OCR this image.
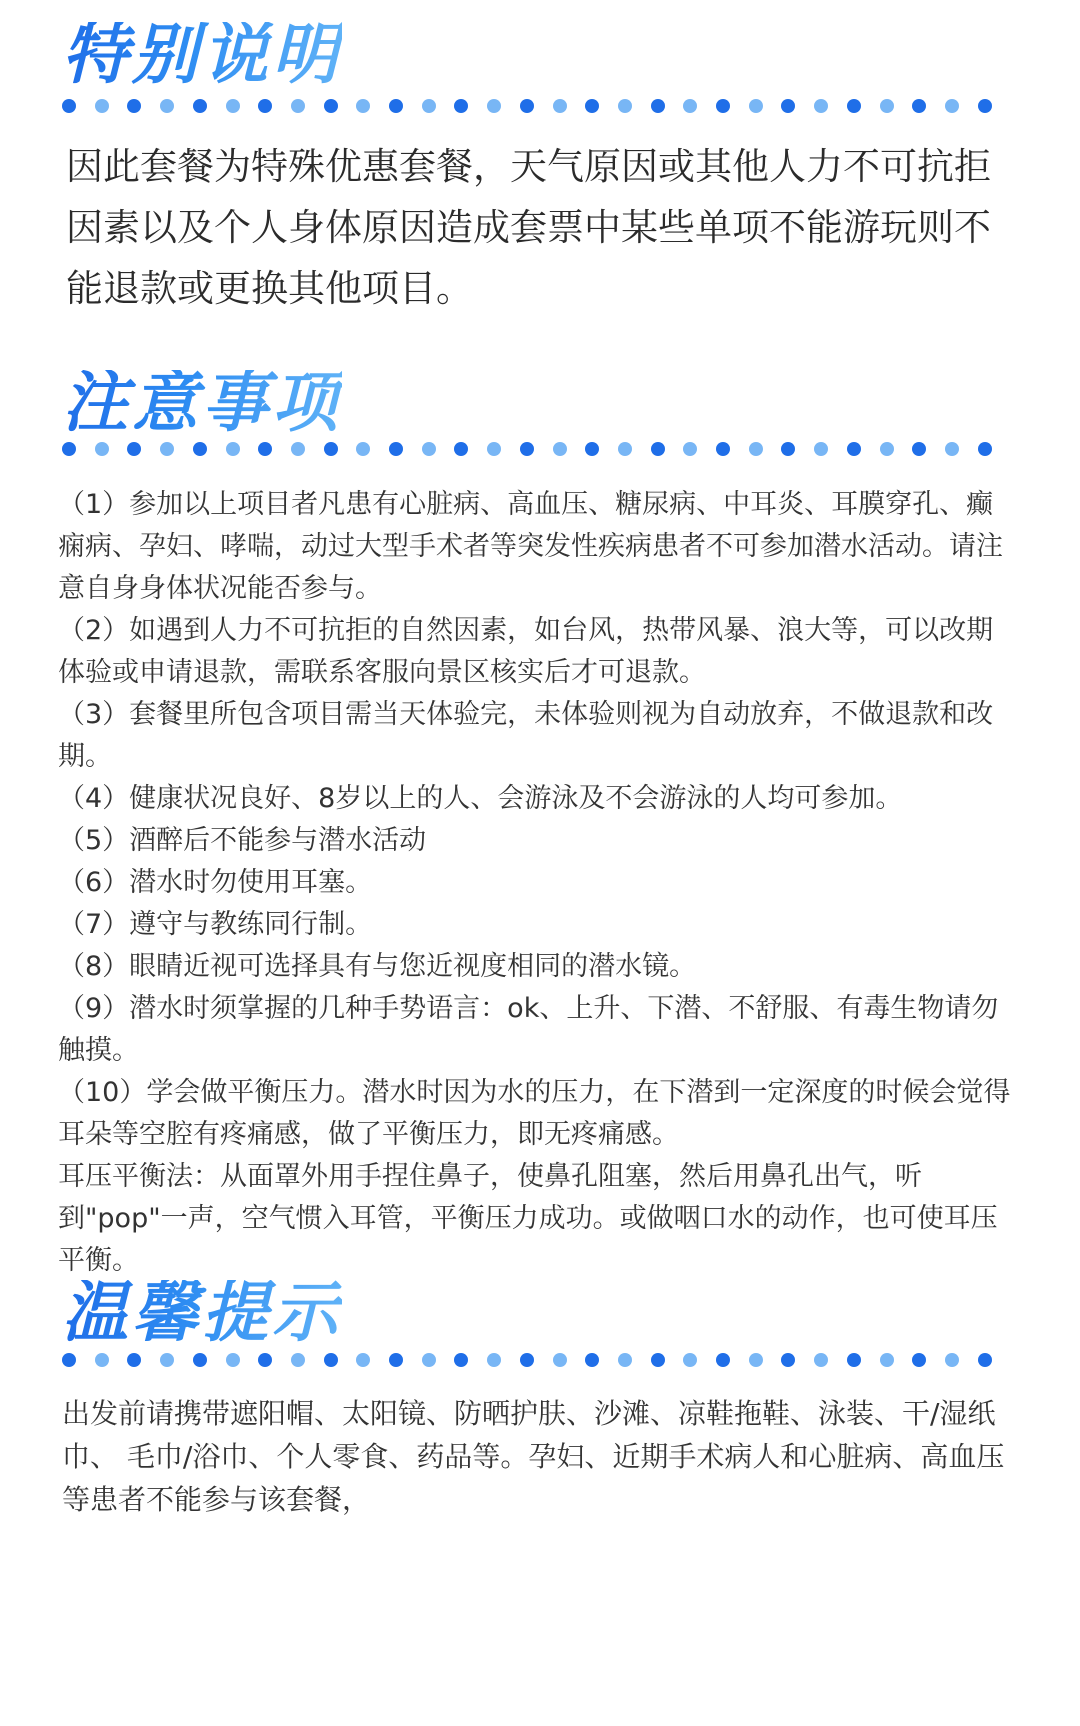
特别说明

因此套餐为特殊优惠套餐，天气原因或其他人力不可抗拒因素以及个人身体原因造成套票中某些单项不能游玩则不能退款或更换其他项目。

注意事项

（1）参加以上项目者凡患有心脏病、高血压、糖尿病、中耳炎、耳膜穿孔、癫痫病、孕妇、哮喘，动过大型手术者等突发性疾病患者不可参加潜水活动。请注意自身身体状况能否参与。

（2）如遇到人力不可抗拒的自然因素，如台风，热带风暴、浪大等，可以改期体验或申请退款，需联系客服向景区核实后才可退款。

（3）套餐里所包含项目需当天体验完，未体验则视为自动放弃，不做退款和改期。

（4）健康状况良好、8岁以上的人、会游泳及不会游泳的人均可参加。

（5）酒醉后不能参与潜水活动

（6）潜水时勿使用耳塞。

（7）遵守与教练同行制。

（8）眼睛近视可选择具有与您近视度相同的潜水镜。

（9）潜水时须掌握的几种手势语言：ok、上升、下潜、不舒服、有毒生物请勿触摸。

（10）学会做平衡压力。潜水时因为水的压力，在下潜到一定深度的时候会觉得耳朵等空腔有疼痛感，做了平衡压力，即无疼痛感。

耳压平衡法：从面罩外用手捏住鼻子，使鼻孔阻塞，然后用鼻孔出气，听到"pop"一声，空气惯入耳管，平衡压力成功。或做咽口水的动作，也可使耳压平衡。

温馨提示

出发前请携带遮阳帽、太阳镜、防晒护肤、沙滩、凉鞋拖鞋、泳装、干/湿纸巾、 毛巾/浴巾、个人零食、药品等。孕妇、近期手术病人和心脏病、高血压等患者不能参与该套餐，
